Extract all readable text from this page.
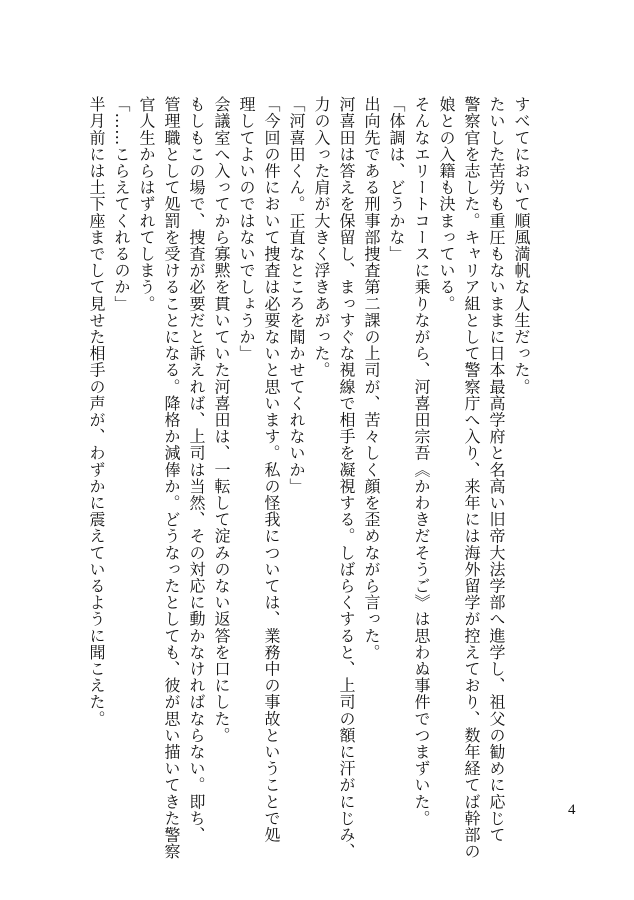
すべてにおいて順風満帆な人生だった。
たいした苦労も重圧もないままに日本最高学府と名高い旧帝大法学部へ進学し、祖父の勧めに応じて
警察官を志した。キャリア組として警察庁へ入り、来年には海外留学が控えており、数年経てば幹部の
娘との入籍も決まっている。
そんなエリートコースに乗りながら、河喜田宗吾《かわきだそうご》は思わぬ事件でつまずいた。
「体調は、どうかな」
出向先である刑事部捜査第二課の上司が、苦々しく顔を歪めながら言った。
河喜田は答えを保留し、まっすぐな視線で相手を凝視する。しばらくすると、上司の額に汗がにじみ、
力の入った肩が大きく浮きあがった。
「河喜田くん。正直なところを聞かせてくれないか」
「今回の件において捜査は必要ないと思います。私の怪我については、業務中の事故ということで処
理してよいのではないでしょうか」
会議室へ入ってから寡黙を貫いていた河喜田は、一転して淀みのない返答を口にした。
もしもこの場で、捜査が必要だと訴えれば、上司は当然、その対応に動かなければならない。即ち、
管理職として処罰を受けることになる。降格か減俸か。どうなったとしても、彼が思い描いてきた警察
官人生からはずれてしまう。
「……こらえてくれるのか」
半月前には土下座までして見せた相手の声が、わずかに震えているように聞こえた。
4
